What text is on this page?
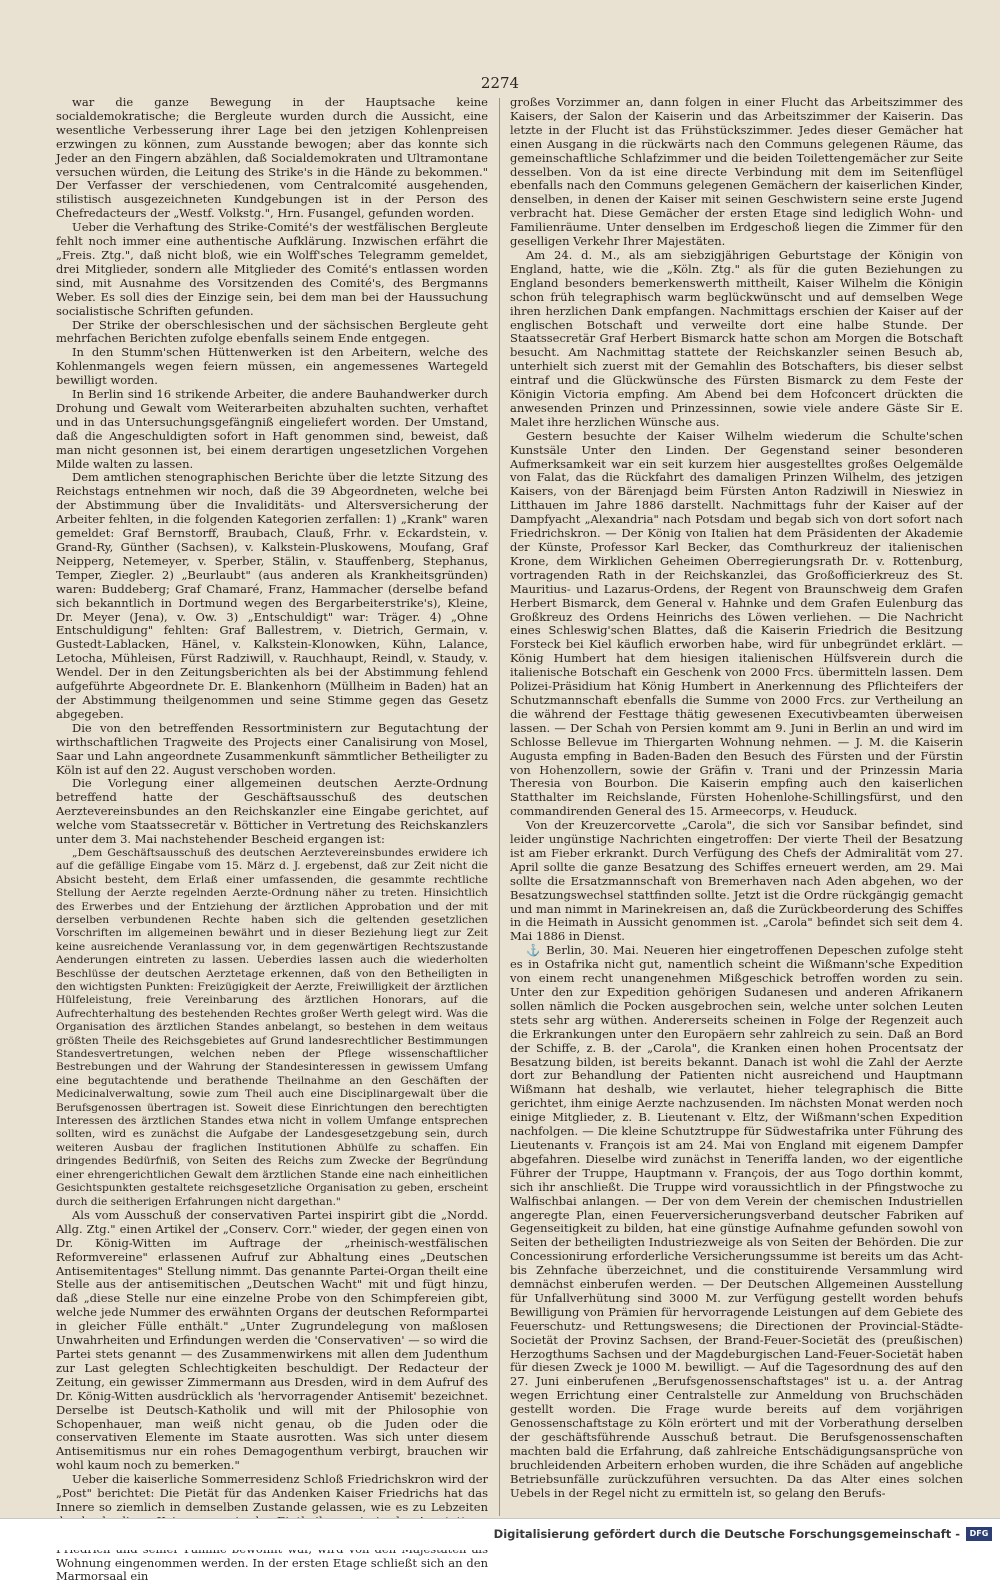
2274

war die ganze Bewegung in der Hauptsache keine socialdemokratische; die Bergleute wurden durch die Aussicht, eine wesentliche Verbesserung ihrer Lage bei den jetzigen Kohlenpreisen erzwingen zu können, zum Ausstande bewogen; aber das konnte sich Jeder an den Fingern abzählen, daß Socialdemokraten und Ultramontane versuchen würden, die Leitung des Strike's in die Hände zu bekommen." Der Verfasser der verschiedenen, vom Centralcomité ausgehenden, stilistisch ausgezeichneten Kundgebungen ist in der Person des Chefredacteurs der „Westf. Volkstg.", Hrn. Fusangel, gefunden worden.

Ueber die Verhaftung des Strike-Comité's der westfälischen Bergleute fehlt noch immer eine authentische Aufklärung. Inzwischen erfährt die „Freis. Ztg.", daß nicht bloß, wie ein Wolff'sches Telegramm gemeldet, drei Mitglieder, sondern alle Mitglieder des Comité's entlassen worden sind, mit Ausnahme des Vorsitzenden des Comité's, des Bergmanns Weber. Es soll dies der Einzige sein, bei dem man bei der Haussuchung socialistische Schriften gefunden.

Der Strike der oberschlesischen und der sächsischen Bergleute geht mehrfachen Berichten zufolge ebenfalls seinem Ende entgegen.

In den Stumm'schen Hüttenwerken ist den Arbeitern, welche des Kohlenmangels wegen feiern müssen, ein angemessenes Wartegeld bewilligt worden.

In Berlin sind 16 strikende Arbeiter, die andere Bauhandwerker durch Drohung und Gewalt vom Weiterarbeiten abzuhalten suchten, verhaftet und in das Untersuchungsgefängniß eingeliefert worden. Der Umstand, daß die Angeschuldigten sofort in Haft genommen sind, beweist, daß man nicht gesonnen ist, bei einem derartigen ungesetzlichen Vorgehen Milde walten zu lassen.

Dem amtlichen stenographischen Berichte über die letzte Sitzung des Reichstags entnehmen wir noch, daß die 39 Abgeordneten, welche bei der Abstimmung über die Invaliditäts- und Altersversicherung der Arbeiter fehlten, in die folgenden Kategorien zerfallen: 1) „Krank" waren gemeldet: Graf Bernstorff, Braubach, Clauß, Frhr. v. Eckardstein, v. Grand-Ry, Günther (Sachsen), v. Kalkstein-Pluskowens, Moufang, Graf Neipperg, Netemeyer, v. Sperber, Stälin, v. Stauffenberg, Stephanus, Temper, Ziegler. 2) „Beurlaubt" (aus anderen als Krankheitsgründen) waren: Buddeberg; Graf Chamaré, Franz, Hammacher (derselbe befand sich bekanntlich in Dortmund wegen des Bergarbeiterstrike's), Kleine, Dr. Meyer (Jena), v. Ow. 3) „Entschuldigt" war: Träger. 4) „Ohne Entschuldigung" fehlten: Graf Ballestrem, v. Dietrich, Germain, v. Gustedt-Lablacken, Hänel, v. Kalkstein-Klonowken, Kühn, Lalance, Letocha, Mühleisen, Fürst Radziwill, v. Rauchhaupt, Reindl, v. Staudy, v. Wendel. Der in den Zeitungsberichten als bei der Abstimmung fehlend aufgeführte Abgeordnete Dr. E. Blankenhorn (Müllheim in Baden) hat an der Abstimmung theilgenommen und seine Stimme gegen das Gesetz abgegeben.

Die von den betreffenden Ressortministern zur Begutachtung der wirthschaftlichen Tragweite des Projects einer Canalisirung von Mosel, Saar und Lahn angeordnete Zusammenkunft sämmtlicher Betheiligter zu Köln ist auf den 22. August verschoben worden.

Die Vorlegung einer allgemeinen deutschen Aerzte-Ordnung betreffend hatte der Geschäftsausschuß des deutschen Aerztevereinsbundes an den Reichskanzler eine Eingabe gerichtet, auf welche vom Staatssecretär v. Bötticher in Vertretung des Reichskanzlers unter dem 3. Mai nachstehender Bescheid ergangen ist:

„Dem Geschäftsausschuß des deutschen Aerztevereinsbundes erwidere ich auf die gefällige Eingabe vom 15. März d. J. ergebenst, daß zur Zeit nicht die Absicht besteht, dem Erlaß einer umfassenden, die gesammte rechtliche Stellung der Aerzte regelnden Aerzte-Ordnung näher zu treten. Hinsichtlich des Erwerbes und der Entziehung der ärztlichen Approbation und der mit derselben verbundenen Rechte haben sich die geltenden gesetzlichen Vorschriften im allgemeinen bewährt und in dieser Beziehung liegt zur Zeit keine ausreichende Veranlassung vor, in dem gegenwärtigen Rechtszustande Aenderungen eintreten zu lassen. Ueberdies lassen auch die wiederholten Beschlüsse der deutschen Aerztetage erkennen, daß von den Betheiligten in den wichtigsten Punkten: Freizügigkeit der Aerzte, Freiwilligkeit der ärztlichen Hülfeleistung, freie Vereinbarung des ärztlichen Honorars, auf die Aufrechterhaltung des bestehenden Rechtes großer Werth gelegt wird. Was die Organisation des ärztlichen Standes anbelangt, so bestehen in dem weitaus größten Theile des Reichsgebietes auf Grund landesrechtlicher Bestimmungen Standesvertretungen, welchen neben der Pflege wissenschaftlicher Bestrebungen und der Wahrung der Standesinteressen in gewissem Umfang eine begutachtende und berathende Theilnahme an den Geschäften der Medicinalverwaltung, sowie zum Theil auch eine Disciplinargewalt über die Berufsgenossen übertragen ist. Soweit diese Einrichtungen den berechtigten Interessen des ärztlichen Standes etwa nicht in vollem Umfange entsprechen sollten, wird es zunächst die Aufgabe der Landesgesetzgebung sein, durch weiteren Ausbau der fraglichen Institutionen Abhülfe zu schaffen. Ein dringendes Bedürfniß, von Seiten des Reichs zum Zwecke der Begründung einer ehrengerichtlichen Gewalt dem ärztlichen Stande eine nach einheitlichen Gesichtspunkten gestaltete reichsgesetzliche Organisation zu geben, erscheint durch die seitherigen Erfahrungen nicht dargethan."

Als vom Ausschuß der conservativen Partei inspirirt gibt die „Nordd. Allg. Ztg." einen Artikel der „Conserv. Corr." wieder, der gegen einen von Dr. König-Witten im Auftrage der „rheinisch-westfälischen Reformvereine" erlassenen Aufruf zur Abhaltung eines „Deutschen Antisemitentages" Stellung nimmt. Das genannte Partei-Organ theilt eine Stelle aus der antisemitischen „Deutschen Wacht" mit und fügt hinzu, daß „diese Stelle nur eine einzelne Probe von den Schimpfereien gibt, welche jede Nummer des erwähnten Organs der deutschen Reformpartei in gleicher Fülle enthält." „Unter Zugrundelegung von maßlosen Unwahrheiten und Erfindungen werden die 'Conservativen' — so wird die Partei stets genannt — des Zusammenwirkens mit allen dem Judenthum zur Last gelegten Schlechtigkeiten beschuldigt. Der Redacteur der Zeitung, ein gewisser Zimmermann aus Dresden, wird in dem Aufruf des Dr. König-Witten ausdrücklich als 'hervorragender Antisemit' bezeichnet. Derselbe ist Deutsch-Katholik und will mit der Philosophie von Schopenhauer, man weiß nicht genau, ob die Juden oder die conservativen Elemente im Staate ausrotten. Was sich unter diesem Antisemitismus nur ein rohes Demagogenthum verbirgt, brauchen wir wohl kaum noch zu bemerken."

Ueber die kaiserliche Sommerresidenz Schloß Friedrichskron wird der „Post" berichtet: Die Pietät für das Andenken Kaiser Friedrichs hat das Innere so ziemlich in demselben Zustande gelassen, wie es zu Lebzeiten Wohnung eingenommen werden. In der ersten Etage schließt sich an den Marmorsaal ein

großes Vorzimmer an, dann folgen in einer Flucht das Arbeitszimmer des Kaisers, der Salon der Kaiserin und das Arbeitszimmer der Kaiserin. Das letzte in der Flucht ist das Frühstückszimmer. Jedes dieser Gemächer hat einen Ausgang in die rückwärts nach den Communs gelegenen Räume, das gemeinschaftliche Schlafzimmer und die beiden Toilettengemächer zur Seite desselben. Von da ist eine directe Verbindung mit dem im Seitenflügel ebenfalls nach den Communs gelegenen Gemächern der kaiserlichen Kinder, denselben, in denen der Kaiser mit seinen Geschwistern seine erste Jugend verbracht hat. Diese Gemächer der ersten Etage sind lediglich Wohn- und Familienräume. Unter denselben im Erdgeschoß liegen die Zimmer für den geselligen Verkehr Ihrer Majestäten.

Am 24. d. M., als am siebzigjährigen Geburtstage der Königin von England, hatte, wie die „Köln. Ztg." als für die guten Beziehungen zu England besonders bemerkenswerth mittheilt, Kaiser Wilhelm die Königin schon früh telegraphisch warm beglückwünscht und auf demselben Wege ihren herzlichen Dank empfangen. Nachmittags erschien der Kaiser auf der englischen Botschaft und verweilte dort eine halbe Stunde. Der Staatssecretär Graf Herbert Bismarck hatte schon am Morgen die Botschaft besucht. Am Nachmittag stattete der Reichskanzler seinen Besuch ab, unterhielt sich zuerst mit der Gemahlin des Botschafters, bis dieser selbst eintraf und die Glückwünsche des Fürsten Bismarck zu dem Feste der Königin Victoria empfing. Am Abend bei dem Hofconcert drückten die anwesenden Prinzen und Prinzessinnen, sowie viele andere Gäste Sir E. Malet ihre herzlichen Wünsche aus.

Gestern besuchte der Kaiser Wilhelm wiederum die Schulte'schen Kunstsäle Unter den Linden. Der Gegenstand seiner besonderen Aufmerksamkeit war ein seit kurzem hier ausgestelltes großes Oelgemälde von Falat, das die Rückfahrt des damaligen Prinzen Wilhelm, des jetzigen Kaisers, von der Bärenjagd beim Fürsten Anton Radziwill in Nieswiez in Litthauen im Jahre 1886 darstellt. Nachmittags fuhr der Kaiser auf der Dampfyacht „Alexandria" nach Potsdam und begab sich von dort sofort nach Friedrichskron. — Der König von Italien hat dem Präsidenten der Akademie der Künste, Professor Karl Becker, das Comthurkreuz der italienischen Krone, dem Wirklichen Geheimen Oberregierungsrath Dr. v. Rottenburg, vortragenden Rath in der Reichskanzlei, das Großofficierkreuz des St. Mauritius- und Lazarus-Ordens, der Regent von Braunschweig dem Grafen Herbert Bismarck, dem General v. Hahnke und dem Grafen Eulenburg das Großkreuz des Ordens Heinrichs des Löwen verliehen. — Die Nachricht eines Schleswig'schen Blattes, daß die Kaiserin Friedrich die Besitzung Forsteck bei Kiel käuflich erworben habe, wird für unbegründet erklärt. — König Humbert hat dem hiesigen italienischen Hülfsverein durch die italienische Botschaft ein Geschenk von 2000 Frcs. übermitteln lassen. Dem Polizei-Präsidium hat König Humbert in Anerkennung des Pflichteifers der Schutzmannschaft ebenfalls die Summe von 2000 Frcs. zur Vertheilung an die während der Festtage thätig gewesenen Executivbeamten überweisen lassen. — Der Schah von Persien kommt am 9. Juni in Berlin an und wird im Schlosse Bellevue im Thiergarten Wohnung nehmen. — J. M. die Kaiserin Augusta empfing in Baden-Baden den Besuch des Fürsten und der Fürstin von Hohenzollern, sowie der Gräfin v. Trani und der Prinzessin Maria Theresia von Bourbon. Die Kaiserin empfing auch den kaiserlichen Statthalter im Reichslande, Fürsten Hohenlohe-Schillingsfürst, und den commandirenden General des 15. Armeecorps, v. Heuduck.

Von der Kreuzercorvette „Carola", die sich vor Sansibar befindet, sind leider ungünstige Nachrichten eingetroffen: Der vierte Theil der Besatzung ist am Fieber erkrankt. Durch Verfügung des Chefs der Admiralität vom 27. April sollte die ganze Besatzung des Schiffes erneuert werden, am 29. Mai sollte die Ersatzmannschaft von Bremerhaven nach Aden abgehen, wo der Besatzungswechsel stattfinden sollte. Jetzt ist die Ordre rückgängig gemacht und man nimmt in Marinekreisen an, daß die Zurückbeorderung des Schiffes in die Heimath in Aussicht genommen ist. „Carola" befindet sich seit dem 4. Mai 1886 in Dienst.

⚓ Berlin, 30. Mai. Neueren hier eingetroffenen Depeschen zufolge steht es in Ostafrika nicht gut, namentlich scheint die Wißmann'sche Expedition von einem recht unangenehmen Mißgeschick betroffen worden zu sein. Unter den zur Expedition gehörigen Sudanesen und anderen Afrikanern sollen nämlich die Pocken ausgebrochen sein, welche unter solchen Leuten stets sehr arg wüthen. Andererseits scheinen in Folge der Regenzeit auch die Erkrankungen unter den Europäern sehr zahlreich zu sein. Daß an Bord der Schiffe, z. B. der „Carola", die Kranken einen hohen Procentsatz der Besatzung bilden, ist bereits bekannt. Danach ist wohl die Zahl der Aerzte dort zur Behandlung der Patienten nicht ausreichend und Hauptmann Wißmann hat deshalb, wie verlautet, hieher telegraphisch die Bitte gerichtet, ihm einige Aerzte nachzusenden. Im nächsten Monat werden noch einige Mitglieder, z. B. Lieutenant v. Eltz, der Wißmann'schen Expedition nachfolgen. — Die kleine Schutztruppe für Südwestafrika unter Führung des Lieutenants v. François ist am 24. Mai von England mit eigenem Dampfer abgefahren. Dieselbe wird zunächst in Teneriffa landen, wo der eigentliche Führer der Truppe, Hauptmann v. François, der aus Togo dorthin kommt, sich ihr anschließt. Die Truppe wird voraussichtlich in der Pfingstwoche zu Walfischbai anlangen. — Der von dem Verein der chemischen Industriellen angeregte Plan, einen Feuerversicherungsverband deutscher Fabriken auf Gegenseitigkeit zu bilden, hat eine günstige Aufnahme gefunden sowohl von Seiten der betheiligten Industriezweige als von Seiten der Behörden. Die zur Concessionirung erforderliche Versicherungssumme ist bereits um das Acht- bis Zehnfache überzeichnet, und die constituirende Versammlung wird demnächst einberufen werden. — Der Deutschen Allgemeinen Ausstellung für Unfallverhütung sind 3000 M. zur Verfügung gestellt worden behufs Bewilligung von Prämien für hervorragende Leistungen auf dem Gebiete des Feuerschutz- und Rettungswesens; die Directionen der Provincial-Städte-Societät der Provinz Sachsen, der Brand-Feuer-Societät des (preußischen) Herzogthums Sachsen und der Magdeburgischen Land-Feuer-Societät haben für diesen Zweck je 1000 M. bewilligt. — Auf die Tagesordnung des auf den 27. Juni einberufenen „Berufsgenossenschaftstages" ist u. a. der Antrag wegen Errichtung einer Centralstelle zur Anmeldung von Bruchschäden gestellt worden. Die Frage wurde bereits auf dem vorjährigen Genossenschaftstage zu Köln erörtert und mit der Vorberathung derselben der geschäftsführende Ausschuß betraut. Die Berufsgenossenschaften machten bald die Erfahrung, daß zahlreiche Entschädigungsansprüche von bruchleidenden Arbeitern erhoben wurden, die ihre Schäden auf angebliche Betriebsunfälle zurückzuführen versuchten. Da das Alter eines solchen Uebels in der Regel nicht zu ermitteln ist, so gelang den Berufs-

Digitalisierung gefördert durch die Deutsche Forschungsgemeinschaft -	DFG
